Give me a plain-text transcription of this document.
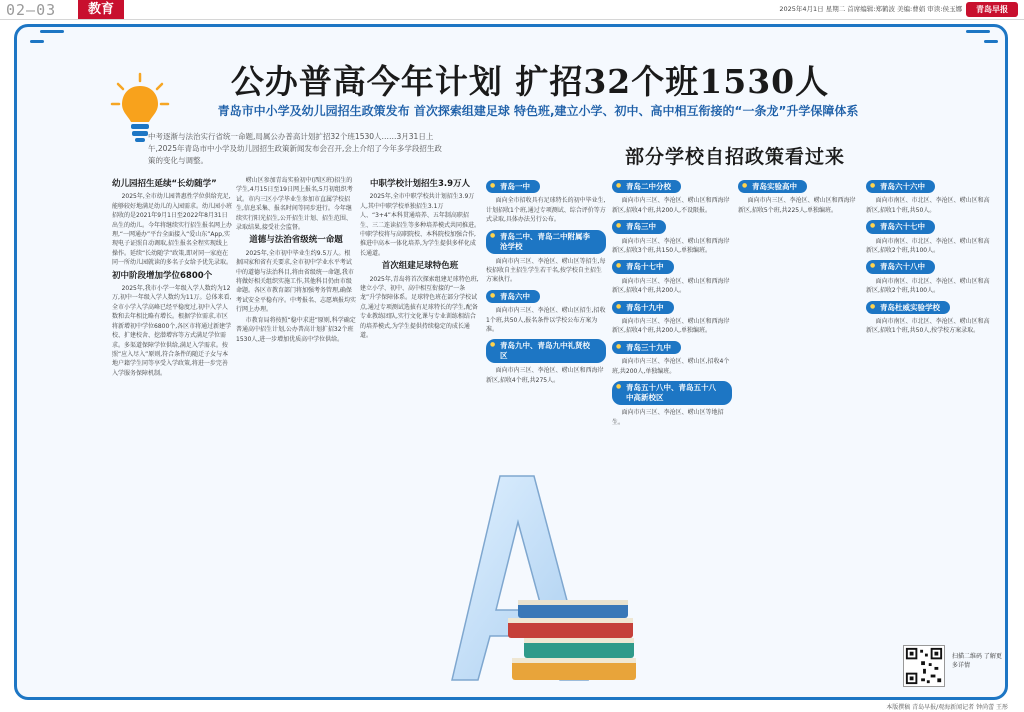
02—03	教育	2025年4月1日 星期二 首席编辑:郑鹤波 美编:曹娟 审读:侯玉娜	青岛早报
公办普高今年计划 扩招32个班1530人
青岛市中小学及幼儿园招生政策发布 首次探索组建足球 特色班,建立小学、初中、高中相互衔接的“一条龙”升学保障体系
中考逐渐与法治实行省统一命题,局属公办普高计划扩招32个班1530人……3月31日上午,2025年青岛市中小学及幼儿园招生政策新闻发布会召开,会上介绍了今年多学段招生政策的变化与调整。	部分学校自招政策看过来
幼儿园招生延续“长幼随学”

2025年,全市幼儿园普惠性学位供给充足,能够较好地满足幼儿的入园需求。幼儿园小班招收的是2021年9月1日至2022年8月31日出生的幼儿。今年将继续实行招生报名网上办理,“一网通办”平台全面接入“爱山东”App,实现电子证照自动调取,招生报名全程实现线上操作。延续“长幼随学”政策,即对同一家庭在同一所幼儿园就读的多名子女给予优先录取。

初中阶段增加学位6800个

2025年,我市小学一年级入学人数约为12万,初中一年级入学人数约为11万。总体来看,全市小学入学高峰已经平稳度过,初中入学人数和去年相比略有增长。根据学位需求,市区将新增初中学位6800个,各区市将通过新建学校、扩建校舍、挖潜增容等方式满足学位需求。多渠道保障学位供给,满足入学需求。按照“应入尽入”原则,符合条件的随迁子女与本地户籍学生同等享受入学政策,将进一步完善入学服务保障机制。

崂山区参加青岛实验初中(西区班)招生的学生,4月15日至19日网上报名,5月初组织考试。市内三区小学毕业生参加市直属学校招生,信息采集、报名时间等同步进行。今年继续实行阳光招生,公开招生计划、招生范围、录取结果,接受社会监督。

道德与法治省级统一命题

2025年,全市初中毕业生约9.5万人。根据国家和省有关要求,全市初中学业水平考试中的道德与法治科目,将由省级统一命题,我市将做好相关组织实施工作,其他科目仍由市级命题。各区市教育部门将加强考务管理,确保考试安全平稳有序。中考报名、志愿填报均实行网上办理。

市教育局将按照“稳中求进”原则,科学确定普通高中招生计划,公办普高计划扩招32个班1530人,进一步增加优质高中学位供给。

中职学校计划招生3.9万人

2025年,全市中职学校共计划招生3.9万人,其中中职学校单独招生3.1万人、“3+4”本科贯通培养、五年制高职招生、三二连读招生等多种培养模式共同推进。中职学校将与高职院校、本科院校加强合作,推进中高本一体化培养,为学生提供多样化成长通道。

首次组建足球特色班

2025年,青岛将首次探索组建足球特色班,建立小学、初中、高中相互衔接的“一条龙”升学保障体系。足球特色班在部分学校试点,通过专项测试选拔有足球特长的学生,配备专业教练团队,实行文化课与专业训练相结合的培养模式,为学生提供持续稳定的成长通道。

● 青岛一中

面向全市招收具有足球特长的初中毕业生,计划招收1个班,通过专项测试、综合评价等方式录取,具体办法另行公布。

● 青岛二中、青岛二中附属李沧学校

面向市内三区、李沧区、崂山区等招生,每校招收自主招生学生若干名,按学校自主招生方案执行。

● 青岛六中

面向市内三区、李沧区、崂山区招生,招收1个班,共50人,报名条件以学校公布方案为准。

● 青岛九中、青岛九中礼贤校区

面向市内三区、李沧区、崂山区和西海岸新区,招收4个班,共275人。

● 青岛二中分校

面向市内三区、李沧区、崂山区和西海岸新区,招收4个班,共200人,不设限报。

● 青岛三中

面向市内三区、李沧区、崂山区和西海岸新区,招收3个班,共150人,单独编班。

● 青岛十七中

面向市内三区、李沧区、崂山区和西海岸新区,招收4个班,共200人。

● 青岛十九中

面向市内三区、李沧区、崂山区和西海岸新区,招收4个班,共200人,单独编班。

● 青岛三十九中

面向市内三区、李沧区、崂山区,招收4个班,共200人,单独编班。

● 青岛五十八中、青岛五十八中高新校区

面向市内三区、李沧区、崂山区等地招生。

● 青岛实验高中

面向市内三区、李沧区、崂山区和西海岸新区,招收5个班,共225人,单独编班。

● 青岛六十六中

面向市南区、市北区、李沧区、崂山区和高新区,招收1个班,共50人。

● 青岛六十七中

面向市南区、市北区、李沧区、崂山区和高新区,招收2个班,共100人。

● 青岛六十八中

面向市南区、市北区、李沧区、崂山区和高新区,招收2个班,共100人。

● 青岛杜威实验学校

面向市南区、市北区、李沧区、崂山区和高新区,招收1个班,共50人,按学校方案录取。

扫描二维码 了解更多详情
本版撰稿 青岛早报/观海新闻记者 钟尚蕾 王彤
